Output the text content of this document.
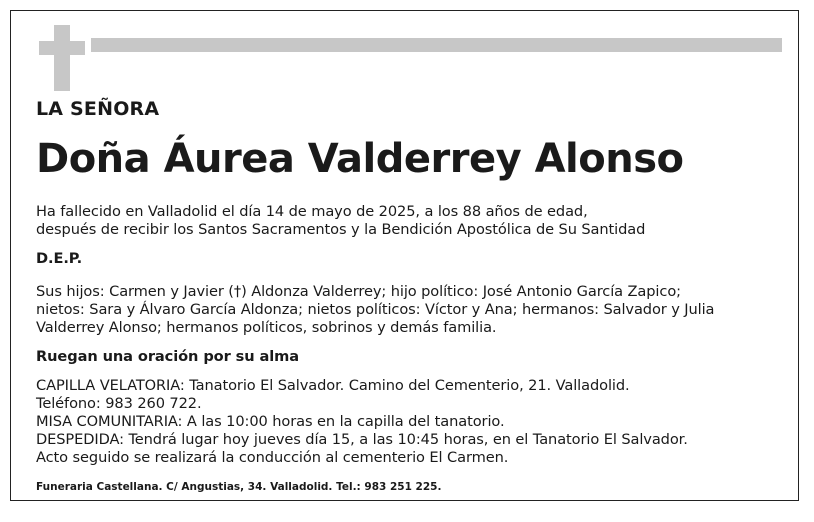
LA SEÑORA
Doña Áurea Valderrey Alonso
Ha fallecido en Valladolid el día 14 de mayo de 2025, a los 88 años de edad,
después de recibir los Santos Sacramentos y la Bendición Apostólica de Su Santidad
D.E.P.
Sus hijos: Carmen y Javier (†) Aldonza Valderrey; hijo político: José Antonio García Zapico;
nietos: Sara y Álvaro García Aldonza; nietos políticos: Víctor y Ana; hermanos: Salvador y Julia
Valderrey Alonso; hermanos políticos, sobrinos y demás familia.
Ruegan una oración por su alma
CAPILLA VELATORIA: Tanatorio El Salvador. Camino del Cementerio, 21. Valladolid.
Teléfono: 983 260 722.
MISA COMUNITARIA: A las 10:00 horas en la capilla del tanatorio.
DESPEDIDA: Tendrá lugar hoy jueves día 15, a las 10:45 horas, en el Tanatorio El Salvador.
Acto seguido se realizará la conducción al cementerio El Carmen.
Funeraria Castellana. C/ Angustias, 34. Valladolid. Tel.: 983 251 225.
